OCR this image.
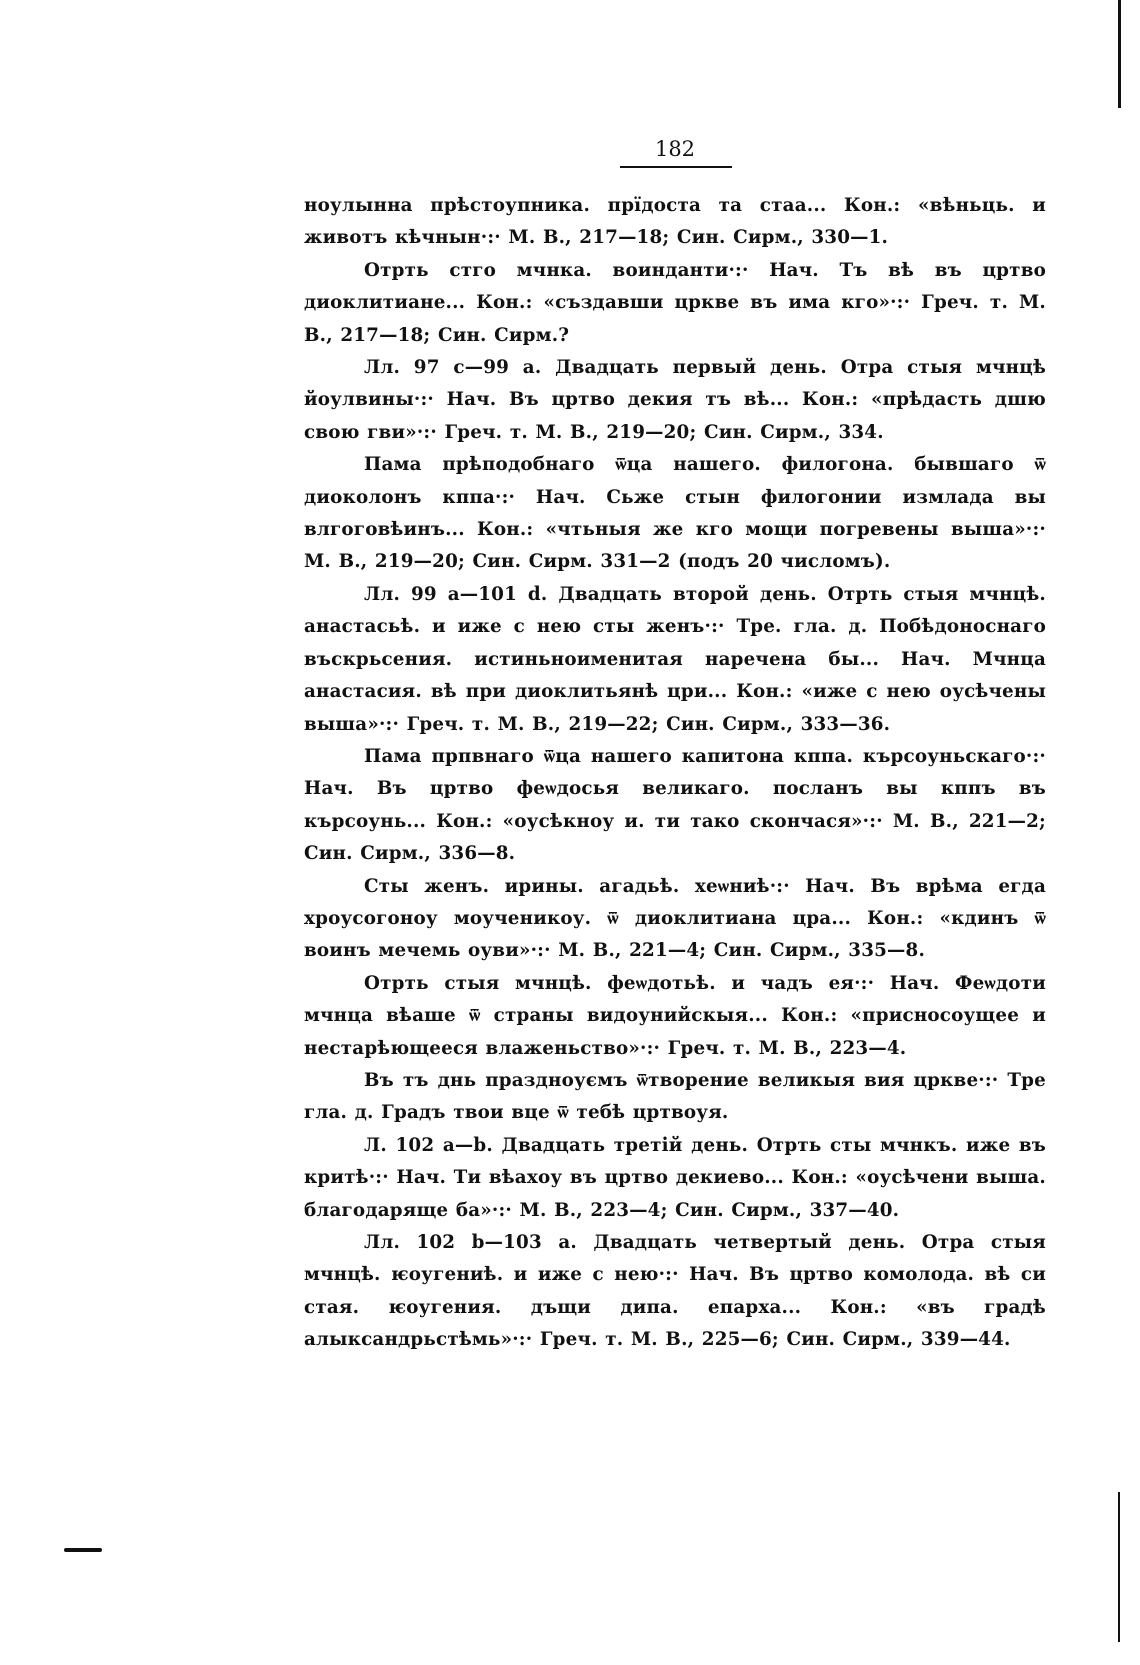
182

ноулынна прѣстоупника. прїдоста та стаа... Кон.: «вѣньць. и животъ кѣчнын·:· М. В., 217—18; Син. Сирм., 330—1.

Отрть стго мчнка. воинданти·:· Нач. Тъ вѣ въ цртво диоклитиане... Кон.: «създавши цркве въ има кго»·:· Греч. т. М. В., 217—18; Син. Сирм.?

Лл. 97 с—99 а. Двадцать первый день. Отра стыя мчнцѣ йоулвины·:· Нач. Въ цртво декия тъ вѣ... Кон.: «прѣдасть дшю свою гви»·:· Греч. т. М. В., 219—20; Син. Сирм., 334.

Пама прѣподобнаго ѿца нашего. филогона. бывшаго ѿ диоколонъ кппа·:· Нач. Сьже стын филогонии измлада вы влгоговѣинъ... Кон.: «чтьныя же кго мощи погревены выша»·:· М. В., 219—20; Син. Сирм. 331—2 (подъ 20 числомъ).

Лл. 99 а—101 d. Двадцать второй день. Отрть стыя мчнцѣ. анастасьѣ. и иже с нею сты женъ·:· Тре. гла. д. Побѣдоноснаго въскрьсения. истиньноименитая наречена бы... Нач. Мчнца анастасия. вѣ при диоклитьянѣ цри... Кон.: «иже с нею оусѣчены выша»·:· Греч. т. М. В., 219—22; Син. Сирм., 333—36.

Пама прпвнаго ѿца нашего капитона кппа. кърсоуньскаго·:· Нач. Въ цртво феѡдосья великаго. посланъ вы кппъ въ кърсоунь... Кон.: «оусѣкноу и. ти тако скончася»·:· М. В., 221—2; Син. Сирм., 336—8.

Сты женъ. ирины. агадьѣ. хеѡниѣ·:· Нач. Въ врѣма егда хроусогоноу моученикоу. ѿ диоклитиана цра... Кон.: «кдинъ ѿ воинъ мечемь оуви»·:· М. В., 221—4; Син. Сирм., 335—8.

Отрть стыя мчнцѣ. феѡдотьѣ. и чадъ ея·:· Нач. Феѡдоти мчнца вѣаше ѿ страны видоунийскыя... Кон.: «присносоущее и нестарѣющееся влаженьство»·:· Греч. т. М. В., 223—4.

Въ тъ днь праздноуємъ ѿтворение великыя вия цркве·:· Тре гла. д. Градъ твои вце ѿ тебѣ цртвоуя.

Л. 102 а—b. Двадцать третій день. Отрть сты мчнкъ. иже въ критѣ·:· Нач. Ти вѣахоу въ цртво декиево... Кон.: «оусѣчени выша. благодаряще ба»·:· М. В., 223—4; Син. Сирм., 337—40.

Лл. 102 b—103 а. Двадцать четвертый день. Отра стыя мчнцѣ. ѥоугениѣ. и иже с нею·:· Нач. Въ цртво комолода. вѣ си стая. ѥоугения. дъщи дипа. епарха... Кон.: «въ градѣ алыксандрьстѣмь»·:· Греч. т. М. В., 225—6; Син. Сирм., 339—44.
